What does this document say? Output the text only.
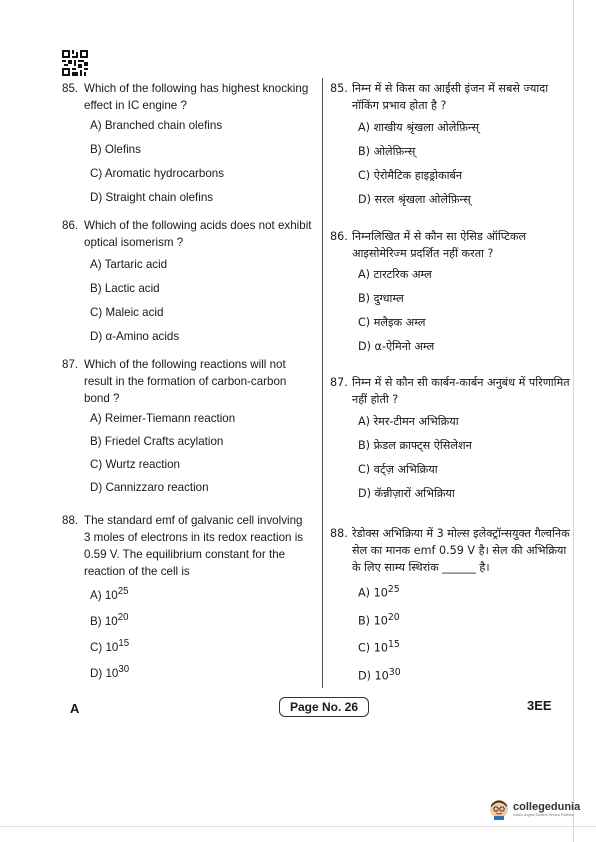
85. Which of the following has highest knocking effect in IC engine ?
A) Branched chain olefins
B) Olefins
C) Aromatic hydrocarbons
D) Straight chain olefins
86. Which of the following acids does not exhibit optical isomerism ?
A) Tartaric acid
B) Lactic acid
C) Maleic acid
D) α-Amino acids
87. Which of the following reactions will not result in the formation of carbon-carbon bond ?
A) Reimer-Tiemann reaction
B) Friedel Crafts acylation
C) Wurtz reaction
D) Cannizzaro reaction
88. The standard emf of galvanic cell involving 3 moles of electrons in its redox reaction is 0.59 V. The equilibrium constant for the reaction of the cell is
A) $10^{25}$
B) $10^{20}$
C) $10^{15}$
D) $10^{30}$
85. निम्न में से किस का आईसी इंजन में सबसे ज्यादा नॉकिंग प्रभाव होता है ?
A) शाखीय श्रृंखला ओलेफ़िन्स्
B) ओलेफ़िन्स्
C) ऐरोमैटिक हाइड्रोकार्बन
D) सरल श्रृंखला ओलेफ़िन्स्
86. निम्नलिखित में से कौन सा ऐसिड ऑप्टिकल आइसोमेरिज्म प्रदर्शित नहीं करता ?
A) टारटरिक अम्ल
B) दुग्धाम्ल
C) मलैइक अम्ल
D) α-ऐमिनो अम्ल
87. निम्न में से कौन सी कार्बन-कार्बन अनुबंध में परिणामित नहीं होती ?
A) रेमर-टीमन अभिक्रिया
B) फ्रेडल क्राफ्ट्स ऐसिलेशन
C) वर्ट्ज़ अभिक्रिया
D) कॅन्नीज़ारों अभिक्रिया
88. रेडोक्स अभिक्रिया में 3 मोल्स इलेक्ट्रॉन्सयुक्त गैल्वनिक सेल का मानक emf 0.59 V है। सेल की अभिक्रिया के लिए साम्य स्थिरांक ______ है।
A) $10^{25}$
B) $10^{20}$
C) $10^{15}$
D) $10^{30}$
A	Page No. 26	3EE
collegedunia
India's largest Student Review Platform
